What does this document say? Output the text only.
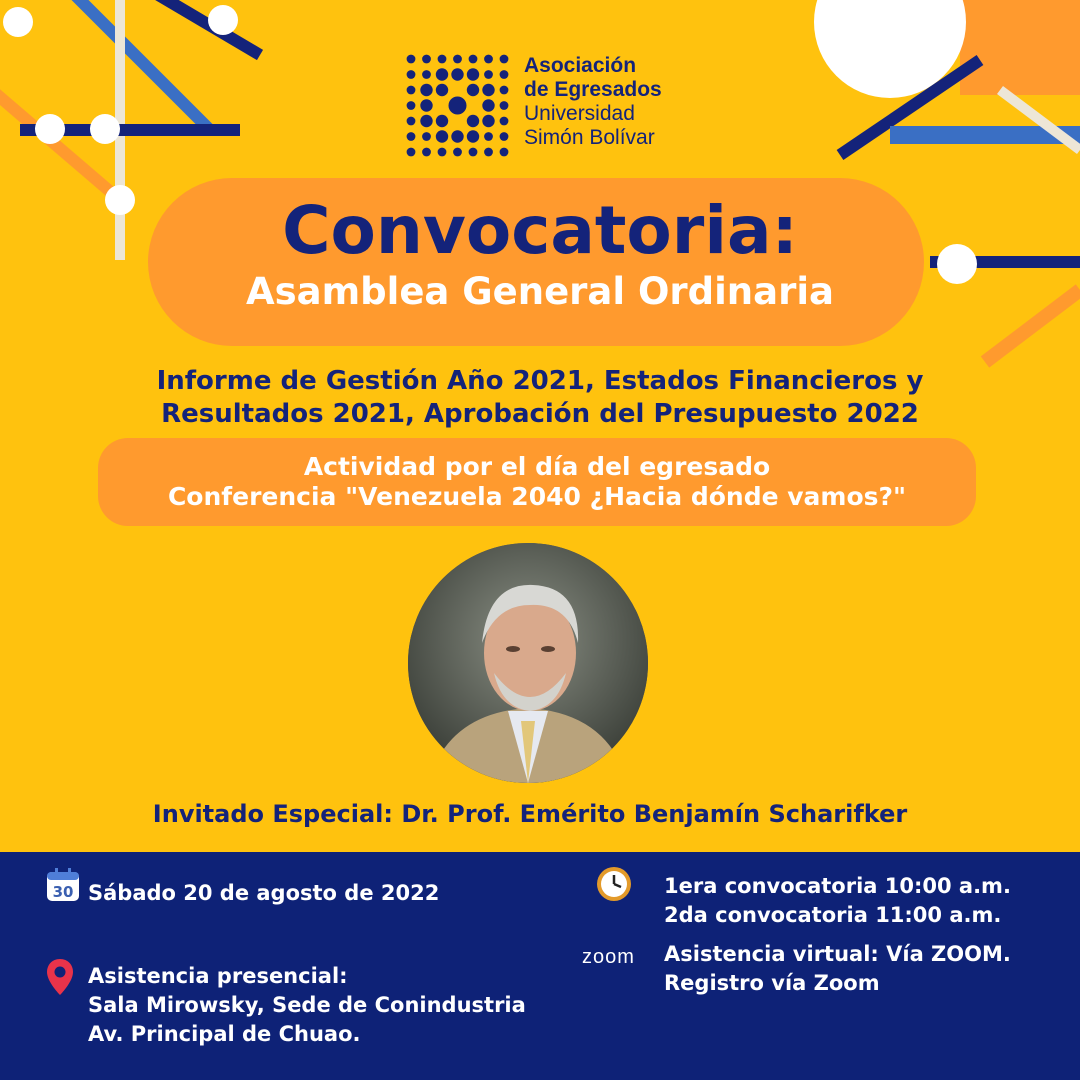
Asociación
de Egresados
Universidad
Simón Bolívar
Convocatoria:
Asamblea General Ordinaria
Informe de Gestión Año 2021, Estados Financieros y
Resultados 2021, Aprobación del Presupuesto 2022
Actividad por el día del egresado
Conferencia "Venezuela 2040 ¿Hacia dónde vamos?"
Invitado Especial: Dr. Prof. Emérito Benjamín Scharifker
30 Sábado 20 de agosto de 2022	1era convocatoria 10:00 a.m.
2da convocatoria 11:00 a.m.
zoom Asistencia virtual: Vía ZOOM.
Registro vía Zoom
Asistencia presencial:
Sala Mirowsky, Sede de Conindustria
Av. Principal de Chuao.
